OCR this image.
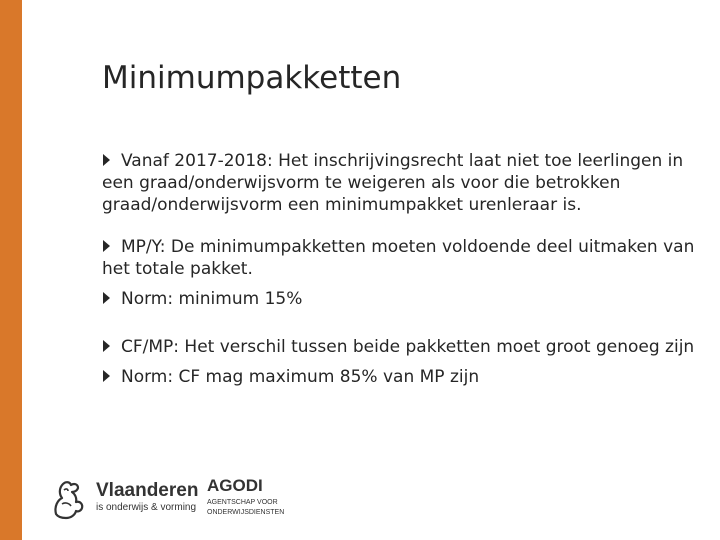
Minimumpakketten

Vanaf 2017-2018: Het inschrijvingsrecht laat niet toe leerlingen in een graad/onderwijsvorm te weigeren als voor die betrokken graad/onderwijsvorm een minimumpakket urenleraar is.

MP/Y: De minimumpakketten moeten voldoende deel uitmaken van het totale pakket.

Norm: minimum 15%

CF/MP: Het verschil tussen beide pakketten moet groot genoeg zijn

Norm: CF mag maximum 85% van MP zijn

Vlaanderen
is onderwijs & vorming
AGODI
AGENTSCHAP VOOR ONDERWIJSDIENSTEN
